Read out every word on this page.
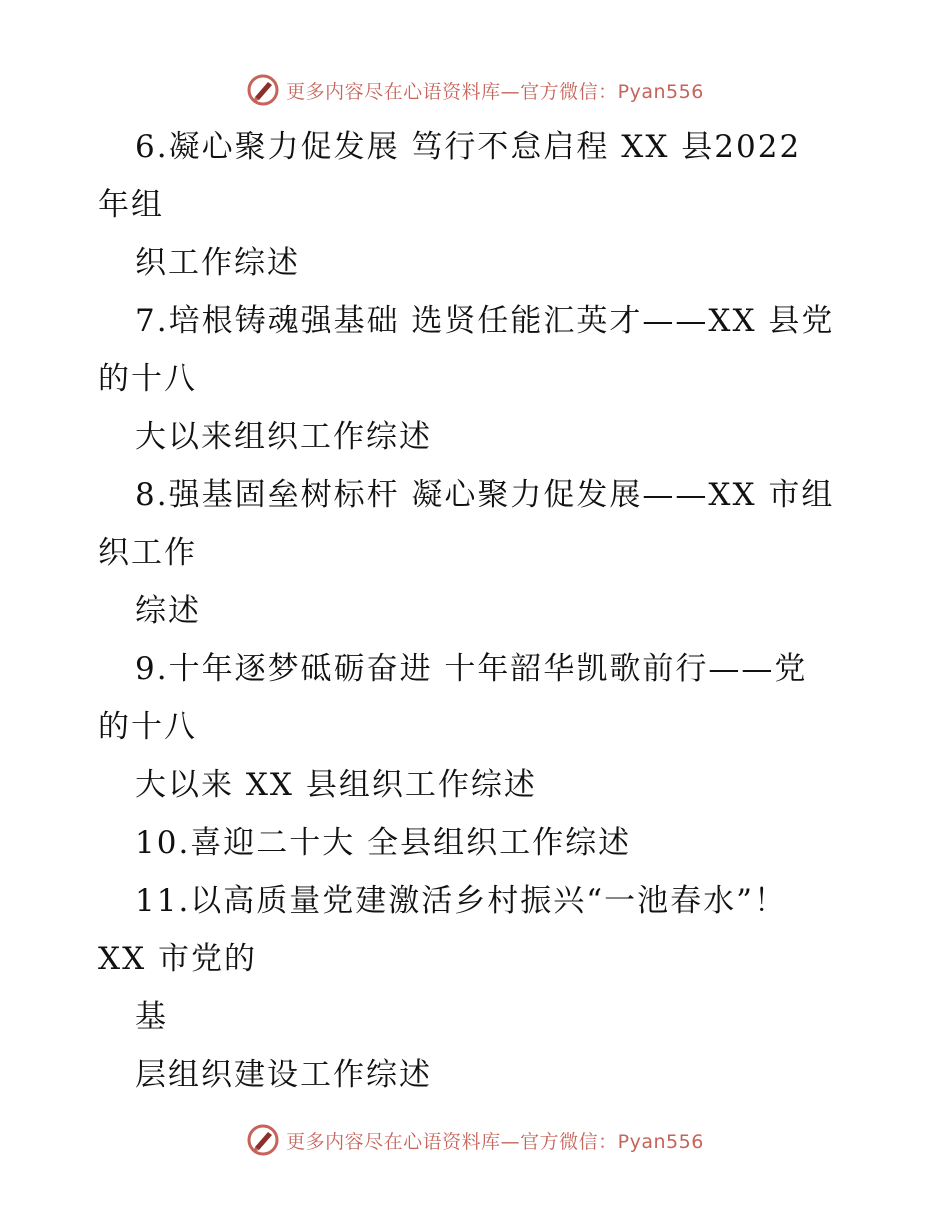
更多内容尽在心语资料库—官方微信：Pyan556
6.凝心聚力促发展 笃行不怠启程 XX 县2022
年组
织工作综述
7.培根铸魂强基础 选贤任能汇英才——XX 县党
的十八
大以来组织工作综述
8.强基固垒树标杆 凝心聚力促发展——XX 市组
织工作
综述
9.十年逐梦砥砺奋进 十年韶华凯歌前行——党
的十八
大以来 XX 县组织工作综述
10.喜迎二十大 全县组织工作综述
11.以高质量党建激活乡村振兴“一池春水”！
XX 市党的
基
层组织建设工作综述
更多内容尽在心语资料库—官方微信：Pyan556
